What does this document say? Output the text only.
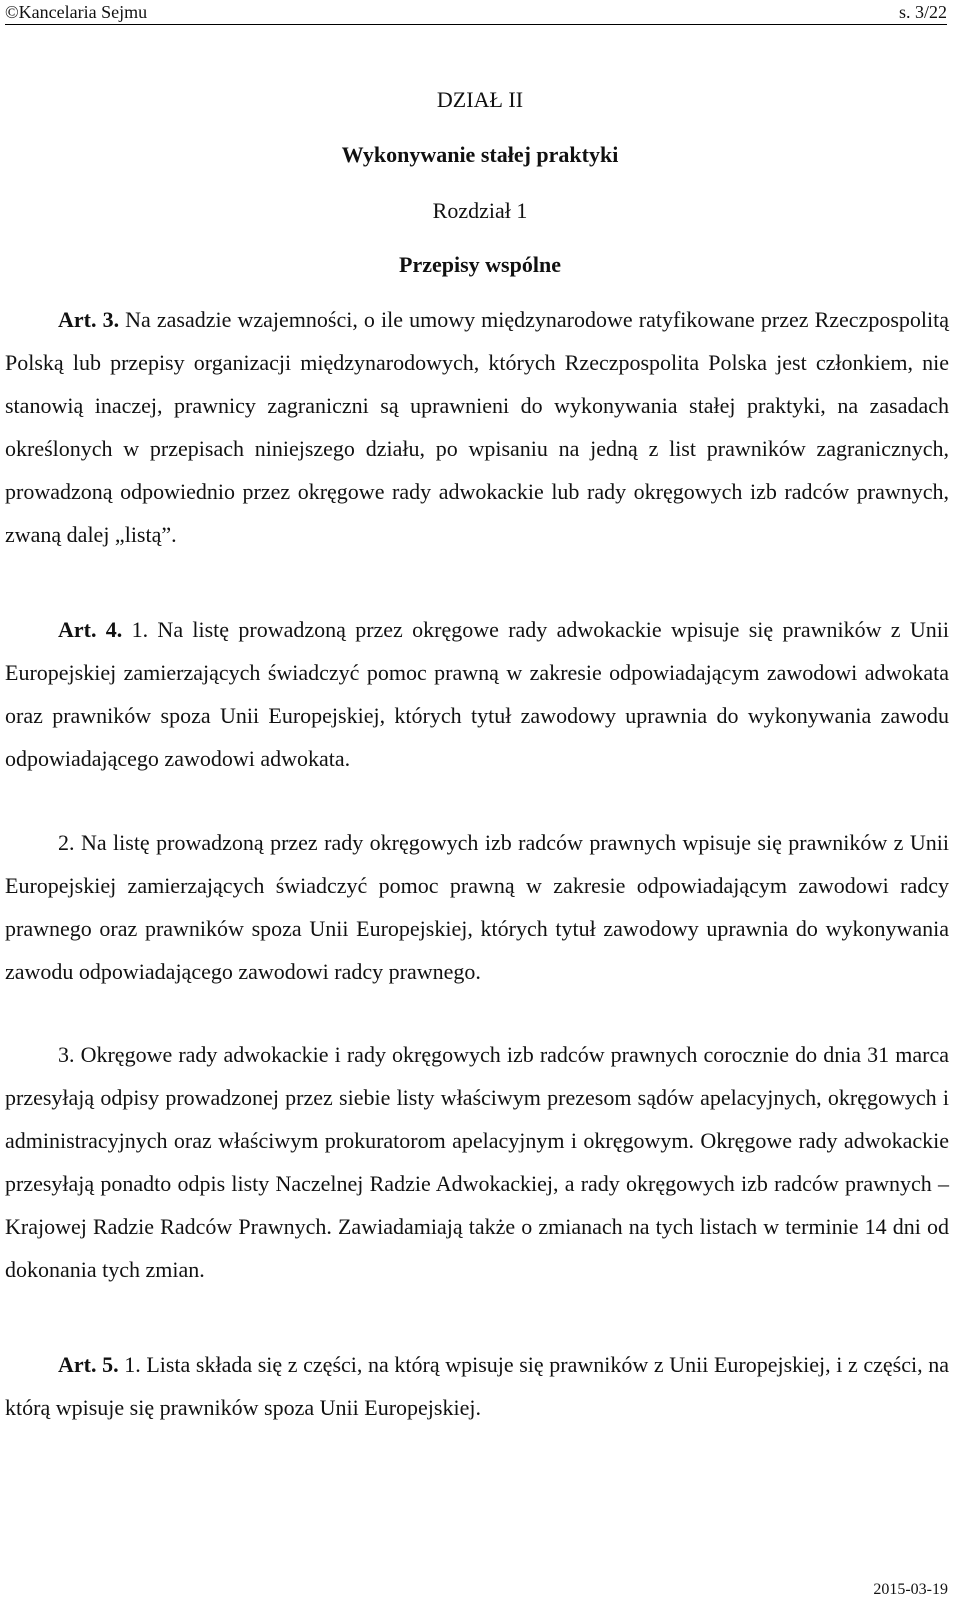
©Kancelaria Sejmu	s. 3/22
DZIAŁ II
Wykonywanie stałej praktyki
Rozdział 1
Przepisy wspólne

Art. 3. Na zasadzie wzajemności, o ile umowy międzynarodowe ratyfikowane przez Rzeczpospolitą Polską lub przepisy organizacji międzynarodowych, których Rzeczpospolita Polska jest członkiem, nie stanowią inaczej, prawnicy zagraniczni są uprawnieni do wykonywania stałej praktyki, na zasadach określonych w przepisach niniejszego działu, po wpisaniu na jedną z list prawników zagranicznych, prowadzoną odpowiednio przez okręgowe rady adwokackie lub rady okręgowych izb radców prawnych, zwaną dalej „listą”.

Art. 4. 1. Na listę prowadzoną przez okręgowe rady adwokackie wpisuje się prawników z Unii Europejskiej zamierzających świadczyć pomoc prawną w zakresie odpowiadającym zawodowi adwokata oraz prawników spoza Unii Europejskiej, których tytuł zawodowy uprawnia do wykonywania zawodu odpowiadającego zawodowi adwokata.

2. Na listę prowadzoną przez rady okręgowych izb radców prawnych wpisuje się prawników z Unii Europejskiej zamierzających świadczyć pomoc prawną w zakresie odpowiadającym zawodowi radcy prawnego oraz prawników spoza Unii Europejskiej, których tytuł zawodowy uprawnia do wykonywania zawodu odpowiadającego zawodowi radcy prawnego.

3. Okręgowe rady adwokackie i rady okręgowych izb radców prawnych corocznie do dnia 31 marca przesyłają odpisy prowadzonej przez siebie listy właściwym prezesom sądów apelacyjnych, okręgowych i administracyjnych oraz właściwym prokuratorom apelacyjnym i okręgowym. Okręgowe rady adwokackie przesyłają ponadto odpis listy Naczelnej Radzie Adwokackiej, a rady okręgowych izb radców prawnych – Krajowej Radzie Radców Prawnych. Zawiadamiają także o zmianach na tych listach w terminie 14 dni od dokonania tych zmian.

Art. 5. 1. Lista składa się z części, na którą wpisuje się prawników z Unii Europejskiej, i z części, na którą wpisuje się prawników spoza Unii Europejskiej.

2015-03-19
